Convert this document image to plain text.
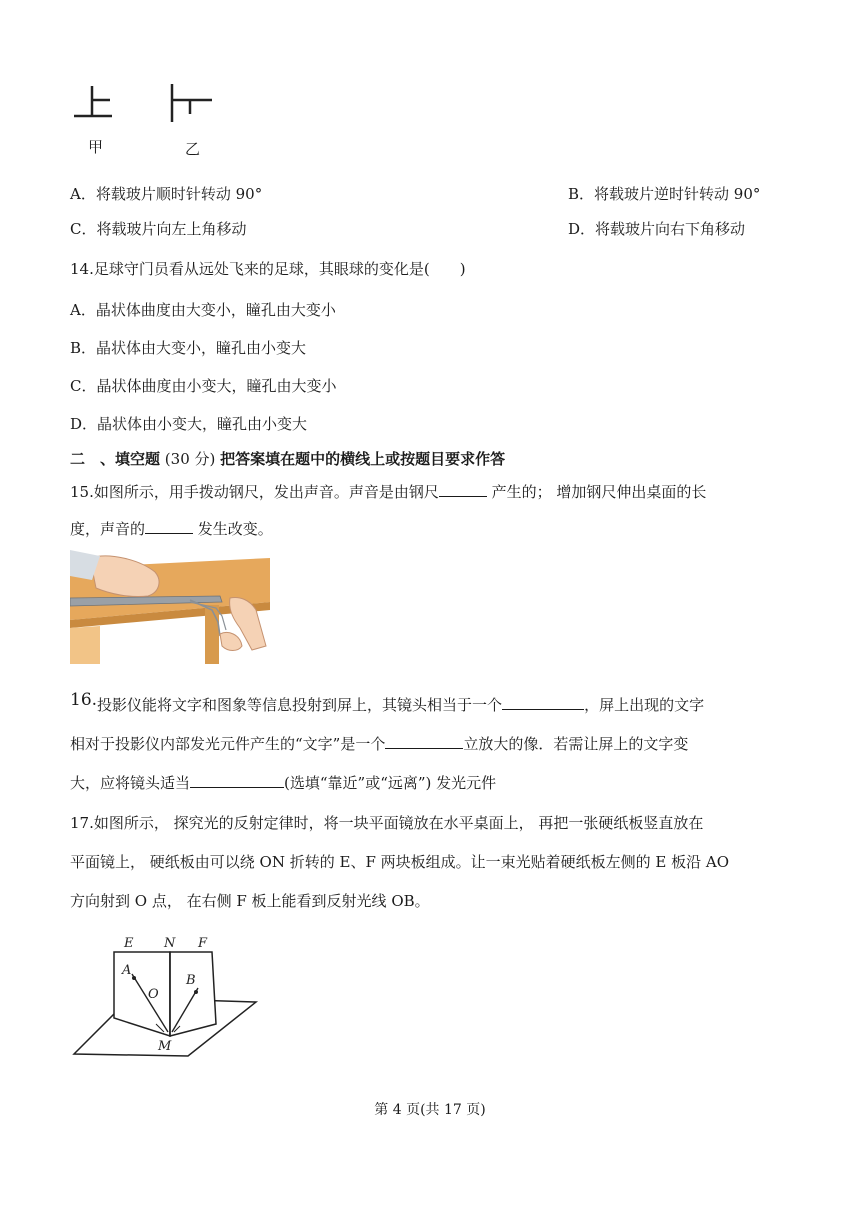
甲	乙
A．将载玻片顺时针转动 90°	B．将载玻片逆时针转动 90°
C．将载玻片向左上角移动	D．将载玻片向右下角移动
14.足球守门员看从远处飞来的足球，其眼球的变化是(　　)
A．晶状体曲度由大变小，瞳孔由大变小
B．晶状体由大变小，瞳孔由小变大
C．晶状体曲度由小变大，瞳孔由大变小
D．晶状体由小变大，瞳孔由小变大
二　、填空题 (30 分) 把答案填在题中的横线上或按题目要求作答
15.如图所示，用手拨动钢尺，发出声音。声音是由钢尺	产生的； 增加钢尺伸出桌面的长
度，声音的	发生改变。
16.投影仪能将文字和图象等信息投射到屏上，其镜头相当于一个	，屏上出现的文字
相对于投影仪内部发光元件产生的“文字”是一个	立放大的像．若需让屏上的文字变
大，应将镜头适当	(选填“靠近”或“远离”) 发光元件
17.如图所示， 探究光的反射定律时，将一块平面镜放在水平桌面上， 再把一张硬纸板竖直放在
平面镜上， 硬纸板由可以绕 ON 折转的 E、F 两块板组成。让一束光贴着硬纸板左侧的 E 板沿 AO
方向射到 O 点， 在右侧 F 板上能看到反射光线 OB。
E N F
A
O
B
M
第 4 页(共 17 页)
